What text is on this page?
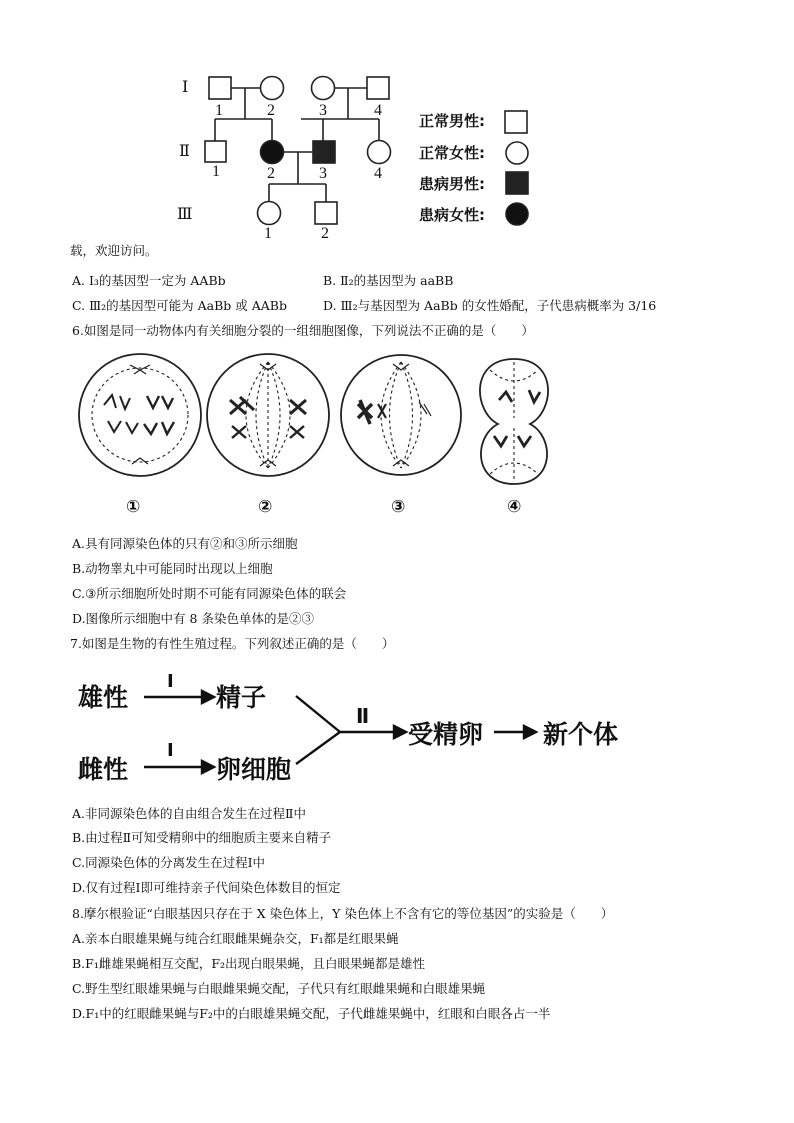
Ⅰ
Ⅱ
Ⅲ
1	2	3	4
1	2	3	4
1	2
正常男性:
正常女性:
患病男性:
患病女性:
载，欢迎访问。
A. Ⅰ₃的基因型一定为 AABb	B. Ⅱ₂的基因型为 aaBB
C. Ⅲ₂的基因型可能为 AaBb 或 AABb	D. Ⅲ₂与基因型为 AaBb 的女性婚配，子代患病概率为 3/16
6.如图是同一动物体内有关细胞分裂的一组细胞图像，下列说法不正确的是（　　）
①	②	③	④
A.具有同源染色体的只有②和③所示细胞
B.动物睾丸中可能同时出现以上细胞
C.③所示细胞所处时期不可能有同源染色体的联会
D.图像所示细胞中有 8 条染色单体的是②③
7.如图是生物的有性生殖过程。下列叙述正确的是（　　）
雄性
雌性
Ⅰ
Ⅰ
Ⅱ
精子
卵细胞
受精卵 新个体
A.非同源染色体的自由组合发生在过程Ⅱ中
B.由过程Ⅱ可知受精卵中的细胞质主要来自精子
C.同源染色体的分离发生在过程Ⅰ中
D.仅有过程Ⅰ即可维持亲子代间染色体数目的恒定
8.摩尔根验证“白眼基因只存在于 X 染色体上，Y 染色体上不含有它的等位基因”的实验是（　　）
A.亲本白眼雄果蝇与纯合红眼雌果蝇杂交，F₁都是红眼果蝇
B.F₁雌雄果蝇相互交配，F₂出现白眼果蝇，且白眼果蝇都是雄性
C.野生型红眼雄果蝇与白眼雌果蝇交配，子代只有红眼雌果蝇和白眼雄果蝇
D.F₁中的红眼雌果蝇与F₂中的白眼雄果蝇交配，子代雌雄果蝇中，红眼和白眼各占一半
